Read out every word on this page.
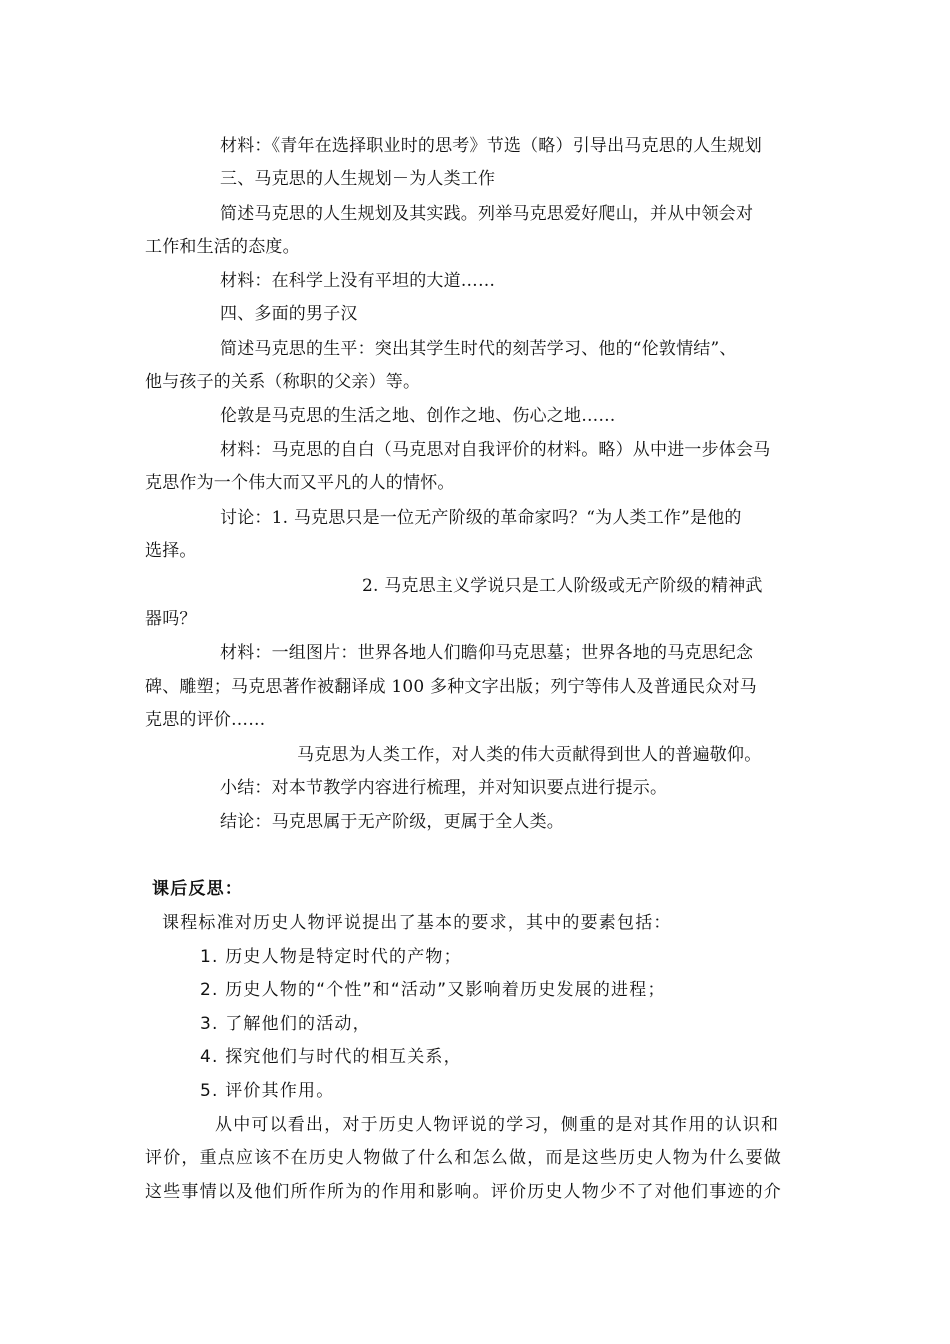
材料：《青年在选择职业时的思考》节选（略）引导出马克思的人生规划
三、马克思的人生规划－为人类工作
简述马克思的人生规划及其实践。列举马克思爱好爬山，并从中领会对
工作和生活的态度。
材料：在科学上没有平坦的大道……
四、多面的男子汉
简述马克思的生平：突出其学生时代的刻苦学习、他的“伦敦情结”、
他与孩子的关系（称职的父亲）等。
伦敦是马克思的生活之地、创作之地、伤心之地……
材料：马克思的自白（马克思对自我评价的材料。略）从中进一步体会马
克思作为一个伟大而又平凡的人的情怀。
讨论：1. 马克思只是一位无产阶级的革命家吗？“为人类工作”是他的
选择。
2. 马克思主义学说只是工人阶级或无产阶级的精神武
器吗？
材料：一组图片：世界各地人们瞻仰马克思墓；世界各地的马克思纪念
碑、雕塑；马克思著作被翻译成 100 多种文字出版；列宁等伟人及普通民众对马
克思的评价……
马克思为人类工作，对人类的伟大贡献得到世人的普遍敬仰。
小结：对本节教学内容进行梳理，并对知识要点进行提示。
结论：马克思属于无产阶级，更属于全人类。
课后反思：
课程标准对历史人物评说提出了基本的要求，其中的要素包括：
1. 历史人物是特定时代的产物；
2. 历史人物的“个性”和“活动”又影响着历史发展的进程；
3. 了解他们的活动，
4. 探究他们与时代的相互关系，
5. 评价其作用。
从中可以看出，对于历史人物评说的学习，侧重的是对其作用的认识和
评价，重点应该不在历史人物做了什么和怎么做，而是这些历史人物为什么要做
这些事情以及他们所作所为的作用和影响。评价历史人物少不了对他们事迹的介
